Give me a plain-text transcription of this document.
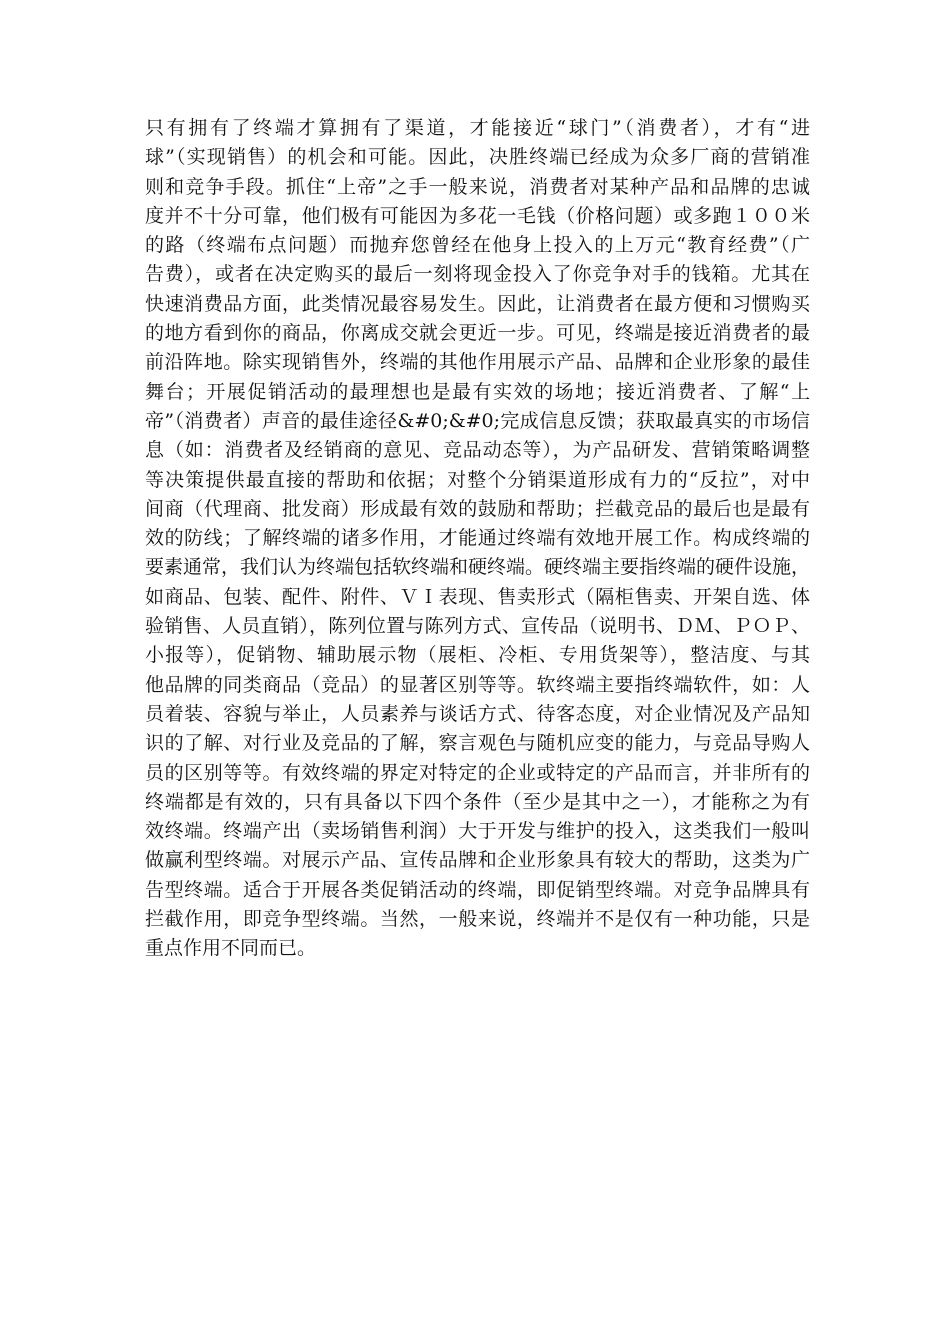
只有拥有了终端才算拥有了渠道，才能接近“球门”（消费者），才有“进
球”（实现销售）的机会和可能。因此，决胜终端已经成为众多厂商的营销准
则和竞争手段。抓住“上帝”之手一般来说，消费者对某种产品和品牌的忠诚
度并不十分可靠，他们极有可能因为多花一毛钱（价格问题）或多跑１００米
的路（终端布点问题）而抛弃您曾经在他身上投入的上万元“教育经费”（广
告费），或者在决定购买的最后一刻将现金投入了你竞争对手的钱箱。尤其在
快速消费品方面，此类情况最容易发生。因此，让消费者在最方便和习惯购买
的地方看到你的商品，你离成交就会更近一步。可见，终端是接近消费者的最
前沿阵地。除实现销售外，终端的其他作用展示产品、品牌和企业形象的最佳
舞台；开展促销活动的最理想也是最有实效的场地；接近消费者、了解“上
帝”（消费者）声音的最佳途径&#0;&#0;完成信息反馈；获取最真实的市场信
息（如：消费者及经销商的意见、竞品动态等），为产品研发、营销策略调整
等决策提供最直接的帮助和依据；对整个分销渠道形成有力的“反拉”，对中
间商（代理商、批发商）形成最有效的鼓励和帮助；拦截竞品的最后也是最有
效的防线；了解终端的诸多作用，才能通过终端有效地开展工作。构成终端的
要素通常，我们认为终端包括软终端和硬终端。硬终端主要指终端的硬件设施，
如商品、包装、配件、附件、ＶＩ表现、售卖形式（隔柜售卖、开架自选、体
验销售、人员直销），陈列位置与陈列方式、宣传品（说明书、ＤＭ、ＰＯＰ、
小报等），促销物、辅助展示物（展柜、冷柜、专用货架等），整洁度、与其
他品牌的同类商品（竞品）的显著区别等等。软终端主要指终端软件，如：人
员着装、容貌与举止，人员素养与谈话方式、待客态度，对企业情况及产品知
识的了解、对行业及竞品的了解，察言观色与随机应变的能力，与竞品导购人
员的区别等等。有效终端的界定对特定的企业或特定的产品而言，并非所有的
终端都是有效的，只有具备以下四个条件（至少是其中之一），才能称之为有
效终端。终端产出（卖场销售利润）大于开发与维护的投入，这类我们一般叫
做赢利型终端。对展示产品、宣传品牌和企业形象具有较大的帮助，这类为广
告型终端。适合于开展各类促销活动的终端，即促销型终端。对竞争品牌具有
拦截作用，即竞争型终端。当然，一般来说，终端并不是仅有一种功能，只是
重点作用不同而已。
